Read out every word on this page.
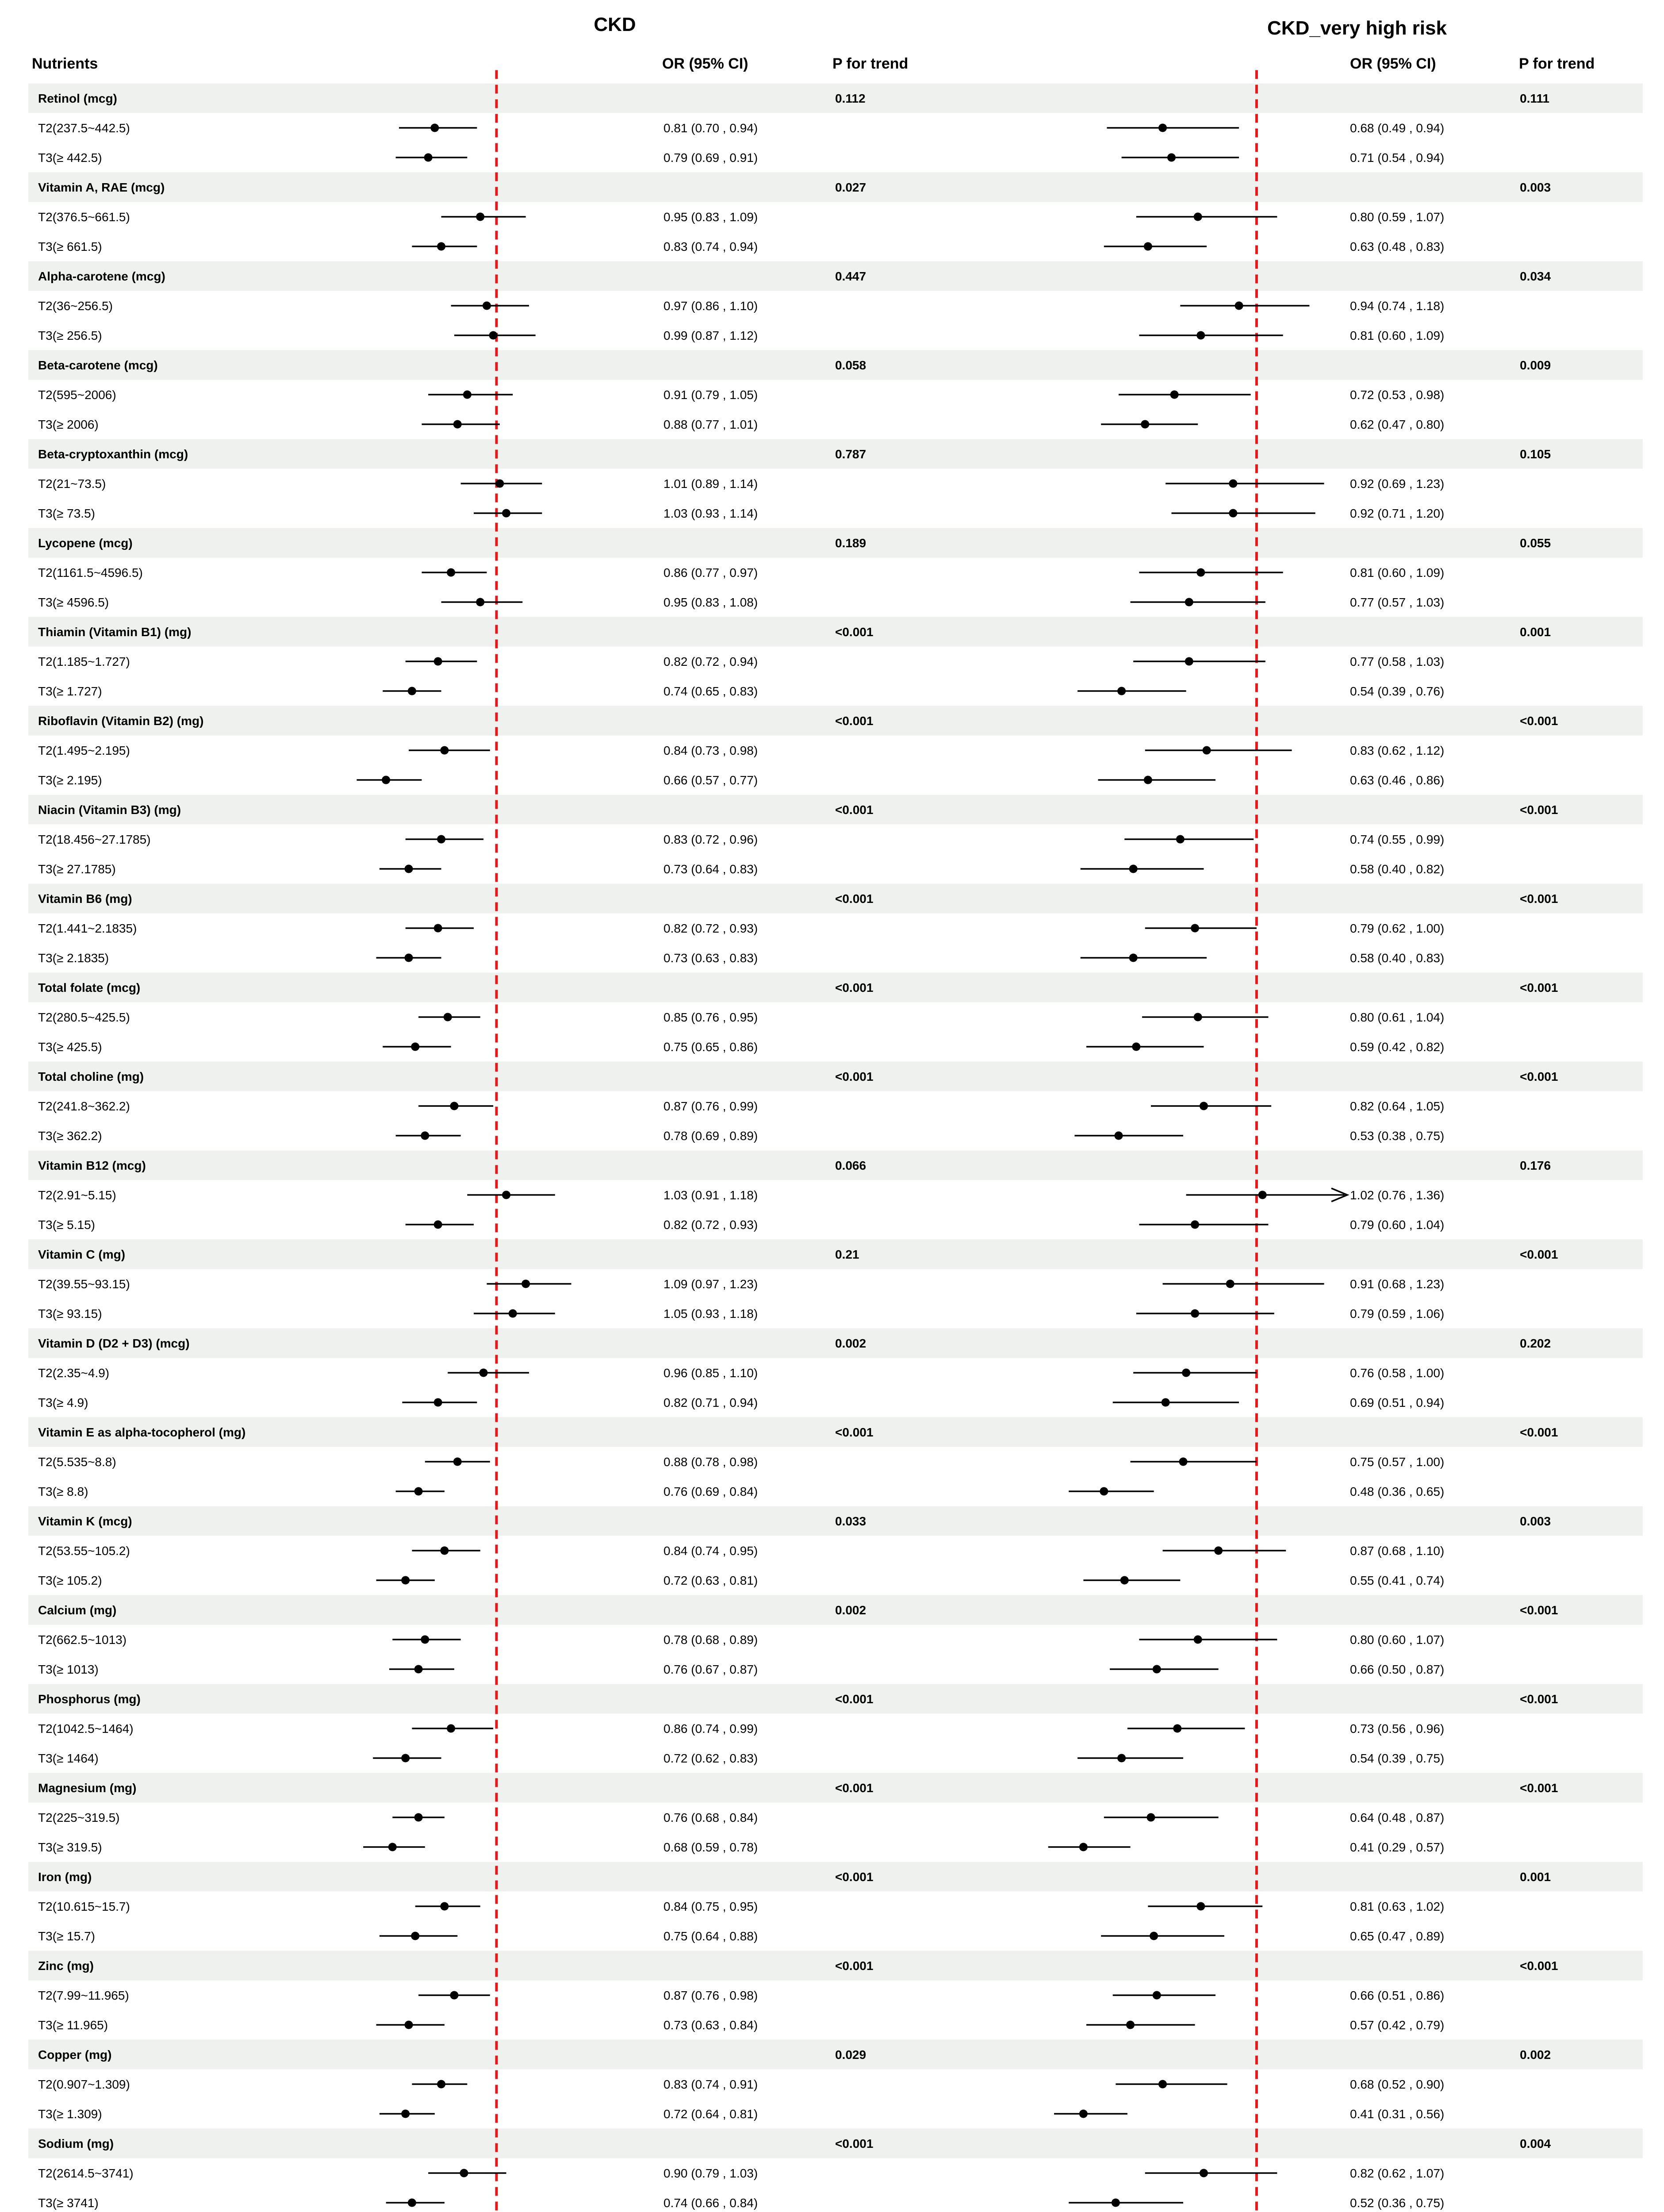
CKD	CKD_very high risk
Nutrients	OR (95% CI)	P for trend	OR (95% CI)	P for trend
Retinol (mcg)	0.112	0.111
T2(237.5~442.5)	0.81 (0.70 , 0.94)	0.68 (0.49 , 0.94)
T3(≥ 442.5)	0.79 (0.69 , 0.91)	0.71 (0.54 , 0.94)
Vitamin A, RAE (mcg)	0.027	0.003
T2(376.5~661.5)	0.95 (0.83 , 1.09)	0.80 (0.59 , 1.07)
T3(≥ 661.5)	0.83 (0.74 , 0.94)	0.63 (0.48 , 0.83)
Alpha-carotene (mcg)	0.447	0.034
T2(36~256.5)	0.97 (0.86 , 1.10)	0.94 (0.74 , 1.18)
T3(≥ 256.5)	0.99 (0.87 , 1.12)	0.81 (0.60 , 1.09)
Beta-carotene (mcg)	0.058	0.009
T2(595~2006)	0.91 (0.79 , 1.05)	0.72 (0.53 , 0.98)
T3(≥ 2006)	0.88 (0.77 , 1.01)	0.62 (0.47 , 0.80)
Beta-cryptoxanthin (mcg)	0.787	0.105
T2(21~73.5)	1.01 (0.89 , 1.14)	0.92 (0.69 , 1.23)
T3(≥ 73.5)	1.03 (0.93 , 1.14)	0.92 (0.71 , 1.20)
Lycopene (mcg)	0.189	0.055
T2(1161.5~4596.5)	0.86 (0.77 , 0.97)	0.81 (0.60 , 1.09)
T3(≥ 4596.5)	0.95 (0.83 , 1.08)	0.77 (0.57 , 1.03)
Thiamin (Vitamin B1) (mg)	<0.001	0.001
T2(1.185~1.727)	0.82 (0.72 , 0.94)	0.77 (0.58 , 1.03)
T3(≥ 1.727)	0.74 (0.65 , 0.83)	0.54 (0.39 , 0.76)
Riboflavin (Vitamin B2) (mg)	<0.001	<0.001
T2(1.495~2.195)	0.84 (0.73 , 0.98)	0.83 (0.62 , 1.12)
T3(≥ 2.195)	0.66 (0.57 , 0.77)	0.63 (0.46 , 0.86)
Niacin (Vitamin B3) (mg)	<0.001	<0.001
T2(18.456~27.1785)	0.83 (0.72 , 0.96)	0.74 (0.55 , 0.99)
T3(≥ 27.1785)	0.73 (0.64 , 0.83)	0.58 (0.40 , 0.82)
Vitamin B6 (mg)	<0.001	<0.001
T2(1.441~2.1835)	0.82 (0.72 , 0.93)	0.79 (0.62 , 1.00)
T3(≥ 2.1835)	0.73 (0.63 , 0.83)	0.58 (0.40 , 0.83)
Total folate (mcg)	<0.001	<0.001
T2(280.5~425.5)	0.85 (0.76 , 0.95)	0.80 (0.61 , 1.04)
T3(≥ 425.5)	0.75 (0.65 , 0.86)	0.59 (0.42 , 0.82)
Total choline (mg)	<0.001	<0.001
T2(241.8~362.2)	0.87 (0.76 , 0.99)	0.82 (0.64 , 1.05)
T3(≥ 362.2)	0.78 (0.69 , 0.89)	0.53 (0.38 , 0.75)
Vitamin B12 (mcg)	0.066	0.176
T2(2.91~5.15)	1.03 (0.91 , 1.18)	1.02 (0.76 , 1.36)
T3(≥ 5.15)	0.82 (0.72 , 0.93)	0.79 (0.60 , 1.04)
Vitamin C (mg)	0.21	<0.001
T2(39.55~93.15)	1.09 (0.97 , 1.23)	0.91 (0.68 , 1.23)
T3(≥ 93.15)	1.05 (0.93 , 1.18)	0.79 (0.59 , 1.06)
Vitamin D (D2 + D3) (mcg)	0.002	0.202
T2(2.35~4.9)	0.96 (0.85 , 1.10)	0.76 (0.58 , 1.00)
T3(≥ 4.9)	0.82 (0.71 , 0.94)	0.69 (0.51 , 0.94)
Vitamin E as alpha-tocopherol (mg)	<0.001	<0.001
T2(5.535~8.8)	0.88 (0.78 , 0.98)	0.75 (0.57 , 1.00)
T3(≥ 8.8)	0.76 (0.69 , 0.84)	0.48 (0.36 , 0.65)
Vitamin K (mcg)	0.033	0.003
T2(53.55~105.2)	0.84 (0.74 , 0.95)	0.87 (0.68 , 1.10)
T3(≥ 105.2)	0.72 (0.63 , 0.81)	0.55 (0.41 , 0.74)
Calcium (mg)	0.002	<0.001
T2(662.5~1013)	0.78 (0.68 , 0.89)	0.80 (0.60 , 1.07)
T3(≥ 1013)	0.76 (0.67 , 0.87)	0.66 (0.50 , 0.87)
Phosphorus (mg)	<0.001	<0.001
T2(1042.5~1464)	0.86 (0.74 , 0.99)	0.73 (0.56 , 0.96)
T3(≥ 1464)	0.72 (0.62 , 0.83)	0.54 (0.39 , 0.75)
Magnesium (mg)	<0.001	<0.001
T2(225~319.5)	0.76 (0.68 , 0.84)	0.64 (0.48 , 0.87)
T3(≥ 319.5)	0.68 (0.59 , 0.78)	0.41 (0.29 , 0.57)
Iron (mg)	<0.001	0.001
T2(10.615~15.7)	0.84 (0.75 , 0.95)	0.81 (0.63 , 1.02)
T3(≥ 15.7)	0.75 (0.64 , 0.88)	0.65 (0.47 , 0.89)
Zinc (mg)	<0.001	<0.001
T2(7.99~11.965)	0.87 (0.76 , 0.98)	0.66 (0.51 , 0.86)
T3(≥ 11.965)	0.73 (0.63 , 0.84)	0.57 (0.42 , 0.79)
Copper (mg)	0.029	0.002
T2(0.907~1.309)	0.83 (0.74 , 0.91)	0.68 (0.52 , 0.90)
T3(≥ 1.309)	0.72 (0.64 , 0.81)	0.41 (0.31 , 0.56)
Sodium (mg)	<0.001	0.004
T2(2614.5~3741)	0.90 (0.79 , 1.03)	0.82 (0.62 , 1.07)
T3(≥ 3741)	0.74 (0.66 , 0.84)	0.52 (0.36 , 0.75)
